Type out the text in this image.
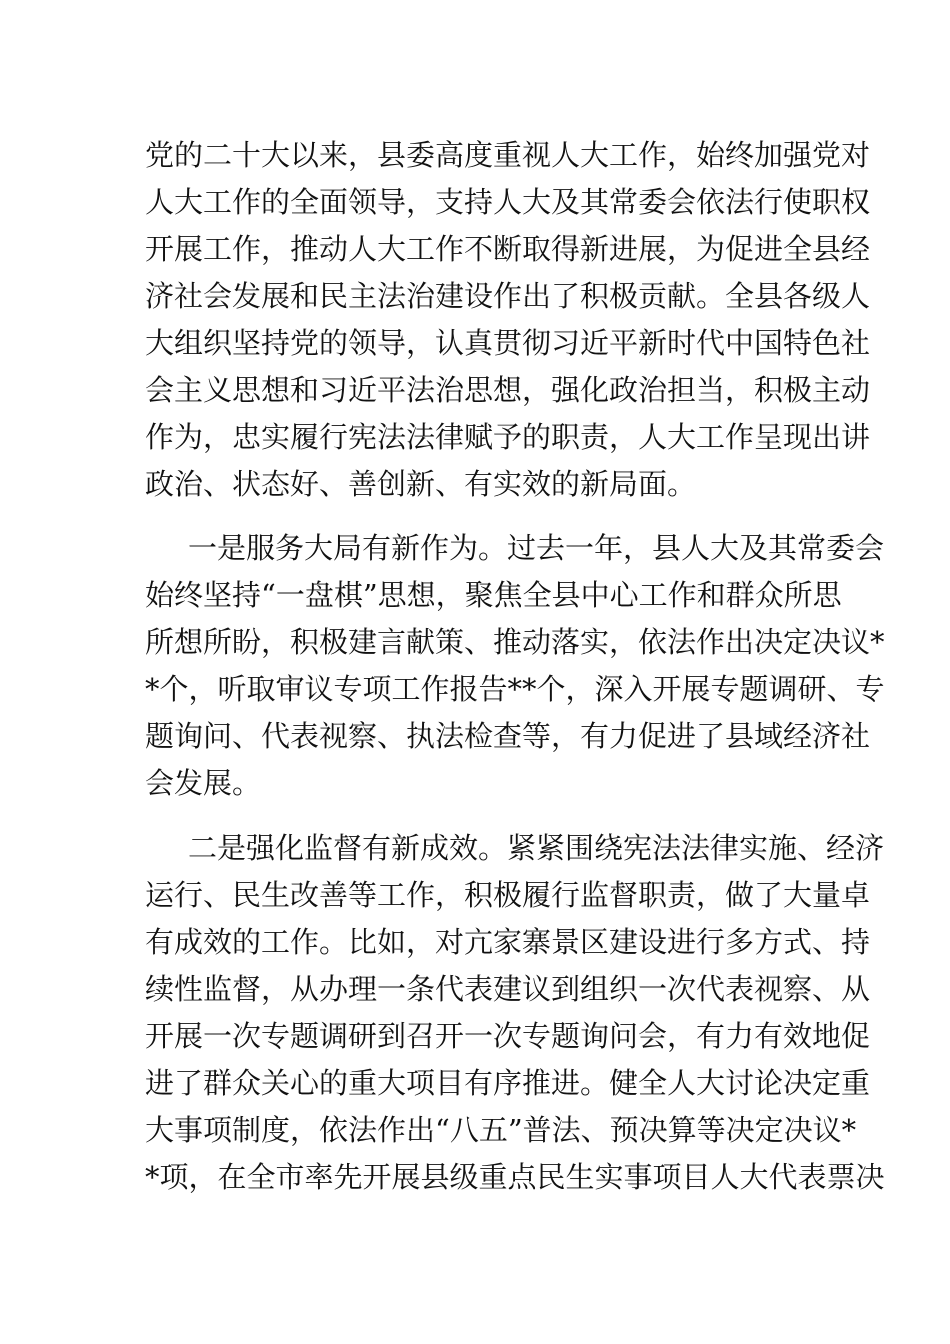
党的二十大以来，县委高度重视人大工作，始终加强党对
人大工作的全面领导，支持人大及其常委会依法行使职权
开展工作，推动人大工作不断取得新进展，为促进全县经
济社会发展和民主法治建设作出了积极贡献。全县各级人
大组织坚持党的领导，认真贯彻习近平新时代中国特色社
会主义思想和习近平法治思想，强化政治担当，积极主动
作为，忠实履行宪法法律赋予的职责，人大工作呈现出讲
政治、状态好、善创新、有实效的新局面。
一是服务大局有新作为。过去一年，县人大及其常委会
始终坚持“一盘棋”思想，聚焦全县中心工作和群众所思
所想所盼，积极建言献策、推动落实，依法作出决定决议*
*个，听取审议专项工作报告**个，深入开展专题调研、专
题询问、代表视察、执法检查等，有力促进了县域经济社
会发展。
二是强化监督有新成效。紧紧围绕宪法法律实施、经济
运行、民生改善等工作，积极履行监督职责，做了大量卓
有成效的工作。比如，对亢家寨景区建设进行多方式、持
续性监督，从办理一条代表建议到组织一次代表视察、从
开展一次专题调研到召开一次专题询问会，有力有效地促
进了群众关心的重大项目有序推进。健全人大讨论决定重
大事项制度，依法作出“八五”普法、预决算等决定决议*
*项，在全市率先开展县级重点民生实事项目人大代表票决
